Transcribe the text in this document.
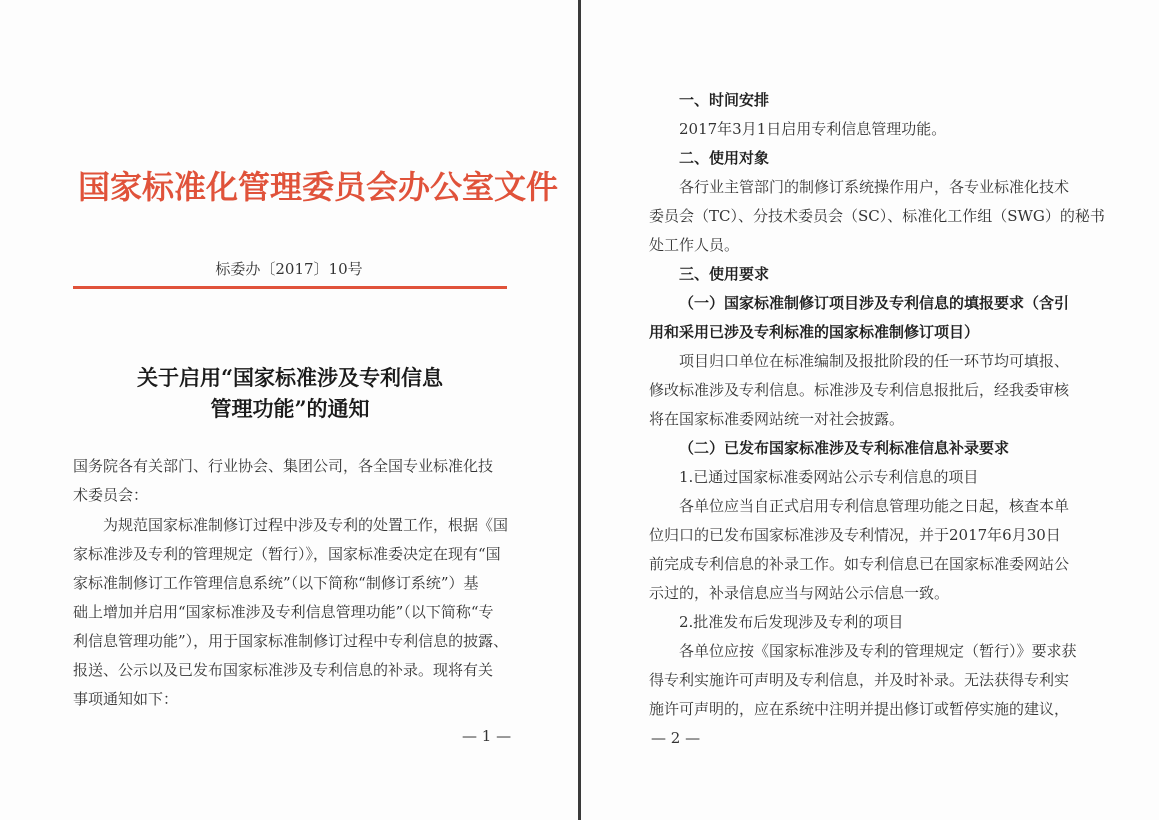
国家标准化管理委员会办公室文件
标委办〔2017〕10号
关于启用“国家标准涉及专利信息
管理功能”的通知
国务院各有关部门、行业协会、集团公司，各全国专业标准化技
术委员会：
为规范国家标准制修订过程中涉及专利的处置工作，根据《国
家标准涉及专利的管理规定（暂行）》，国家标准委决定在现有“国
家标准制修订工作管理信息系统”（以下简称“制修订系统”）基
础上增加并启用“国家标准涉及专利信息管理功能”（以下简称“专
利信息管理功能”），用于国家标准制修订过程中专利信息的披露、
报送、公示以及已发布国家标准涉及专利信息的补录。现将有关
事项通知如下：
— 1 —
一、时间安排
2017年3月1日启用专利信息管理功能。
二、使用对象
各行业主管部门的制修订系统操作用户，各专业标准化技术
委员会（TC）、分技术委员会（SC）、标准化工作组（SWG）的秘书
处工作人员。
三、使用要求
（一）国家标准制修订项目涉及专利信息的填报要求（含引
用和采用已涉及专利标准的国家标准制修订项目）
项目归口单位在标准编制及报批阶段的任一环节均可填报、
修改标准涉及专利信息。标准涉及专利信息报批后，经我委审核
将在国家标准委网站统一对社会披露。
（二）已发布国家标准涉及专利标准信息补录要求
1.已通过国家标准委网站公示专利信息的项目
各单位应当自正式启用专利信息管理功能之日起，核查本单
位归口的已发布国家标准涉及专利情况，并于2017年6月30日
前完成专利信息的补录工作。如专利信息已在国家标准委网站公
示过的，补录信息应当与网站公示信息一致。
2.批准发布后发现涉及专利的项目
各单位应按《国家标准涉及专利的管理规定（暂行）》要求获
得专利实施许可声明及专利信息，并及时补录。无法获得专利实
施许可声明的，应在系统中注明并提出修订或暂停实施的建议，
— 2 —
